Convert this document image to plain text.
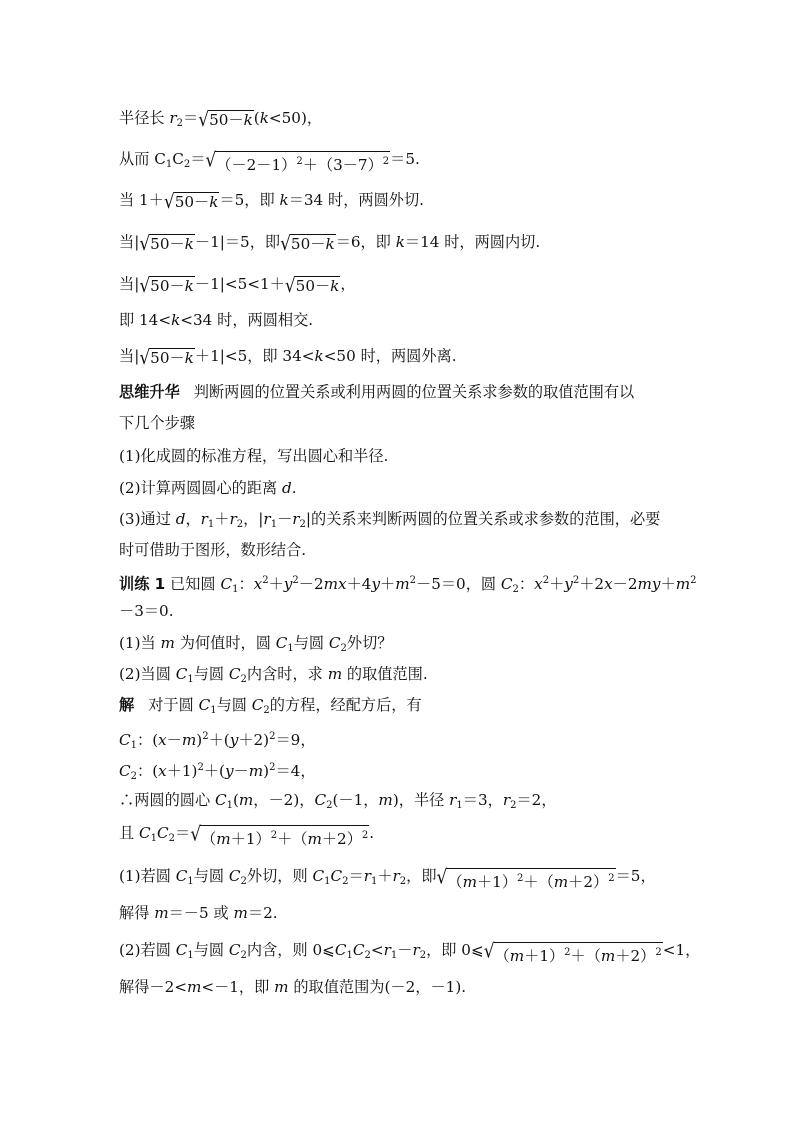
半径长 $r_2=$ √ 50－k (k<50)，
从而 $C_1C_2=$ √ $(-2-1)^2+(3-7)^2 =5$.
当 1＋ √ 50－k ＝5，即 k＝34 时，两圆外切.
当| √ 50－k －1|＝5，即 √ 50－k ＝6，即 k＝14 时，两圆内切.
当| √ 50－k －1|<5<1＋ √ 50－k ，
即 14<k<34 时，两圆相交.
当| √ 50－k ＋1|<5，即 34<k<50 时，两圆外离.
思维升华 判断两圆的位置关系或利用两圆的位置关系求参数的取值范围有以
下几个步骤
(1)化成圆的标准方程，写出圆心和半径.
(2)计算两圆圆心的距离 d.
(3)通过 d，$r_1+r_2$，$|r_1-r_2|$的关系来判断两圆的位置关系或求参数的范围，必要
时可借助于图形，数形结合.
训练 1 已知圆 $C_1$：$x^2+y^2-2mx+4y+m^2-5=0$，圆 $C_2$：$x^2+y^2+2x-2my+m^2$
－3＝0.
(1)当 m 为何值时，圆 $C_1$与圆 $C_2$外切？
(2)当圆 $C_1$与圆 $C_2$内含时，求 m 的取值范围.
解 对于圆 $C_1$与圆 $C_2$的方程，经配方后，有
$C_1$：$(x-m)^2+(y+2)^2=9$，
$C_2$：$(x+1)^2+(y-m)^2=4$，
∴两圆的圆心 $C_1(m$，－2)，$C_2(-1$，m)，半径 $r_1=3$，$r_2=2$，
且 $C_1C_2=$ √ $(m+1)^2+(m+2)^2$ .
(1)若圆 $C_1$与圆 $C_2$外切，则 $C_1C_2=r_1+r_2$，即 √ $(m+1)^2+(m+2)^2 =5$，
解得 m＝－5 或 m＝2.
(2)若圆 $C_1$与圆 $C_2$内含，则 $0⩽C_1C_2<r_1-r_2$，即 0⩽ √ $(m+1)^2+(m+2)^2 <1$，
解得－2<m<－1，即 m 的取值范围为(－2，－1).
